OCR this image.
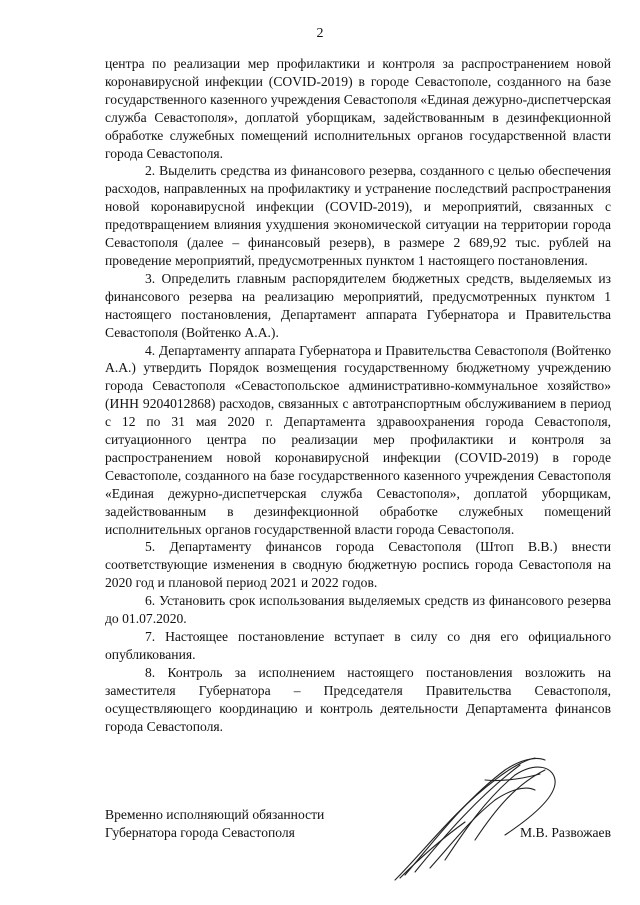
2

центра по реализации мер профилактики и контроля за распространением новой коронавирусной инфекции (COVID-2019) в городе Севастополе, созданного на базе государственного казенного учреждения Севастополя «Единая дежурно-диспетчерская служба Севастополя», доплатой уборщикам, задействованным в дезинфекционной обработке служебных помещений исполнительных органов государственной власти города Севастополя.

2. Выделить средства из финансового резерва, созданного с целью обеспечения расходов, направленных на профилактику и устранение последствий распространения новой коронавирусной инфекции (COVID-2019), и мероприятий, связанных с предотвращением влияния ухудшения экономической ситуации на территории города Севастополя (далее – финансовый резерв), в размере 2 689,92 тыс. рублей на проведение мероприятий, предусмотренных пунктом 1 настоящего постановления.

3. Определить главным распорядителем бюджетных средств, выделяемых из финансового резерва на реализацию мероприятий, предусмотренных пунктом 1 настоящего постановления, Департамент аппарата Губернатора и Правительства Севастополя (Войтенко А.А.).

4. Департаменту аппарата Губернатора и Правительства Севастополя (Войтенко А.А.) утвердить Порядок возмещения государственному бюджетному учреждению города Севастополя «Севастопольское административно-коммунальное хозяйство» (ИНН 9204012868) расходов, связанных с автотранспортным обслуживанием в период с 12 по 31 мая 2020 г. Департамента здравоохранения города Севастополя, ситуационного центра по реализации мер профилактики и контроля за распространением новой коронавирусной инфекции (COVID-2019) в городе Севастополе, созданного на базе государственного казенного учреждения Севастополя «Единая дежурно-диспетчерская служба Севастополя», доплатой уборщикам, задействованным в дезинфекционной обработке служебных помещений исполнительных органов государственной власти города Севастополя.

5. Департаменту финансов города Севастополя (Штоп В.В.) внести соответствующие изменения в сводную бюджетную роспись города Севастополя на 2020 год и плановой период 2021 и 2022 годов.

6. Установить срок использования выделяемых средств из финансового резерва до 01.07.2020.

7. Настоящее постановление вступает в силу со дня его официального опубликования.

8. Контроль за исполнением настоящего постановления возложить на заместителя Губернатора – Председателя Правительства Севастополя, осуществляющего координацию и контроль деятельности Департамента финансов города Севастополя.

Временно исполняющий обязанности
Губернатора города Севастополя	М.В. Развожаев
